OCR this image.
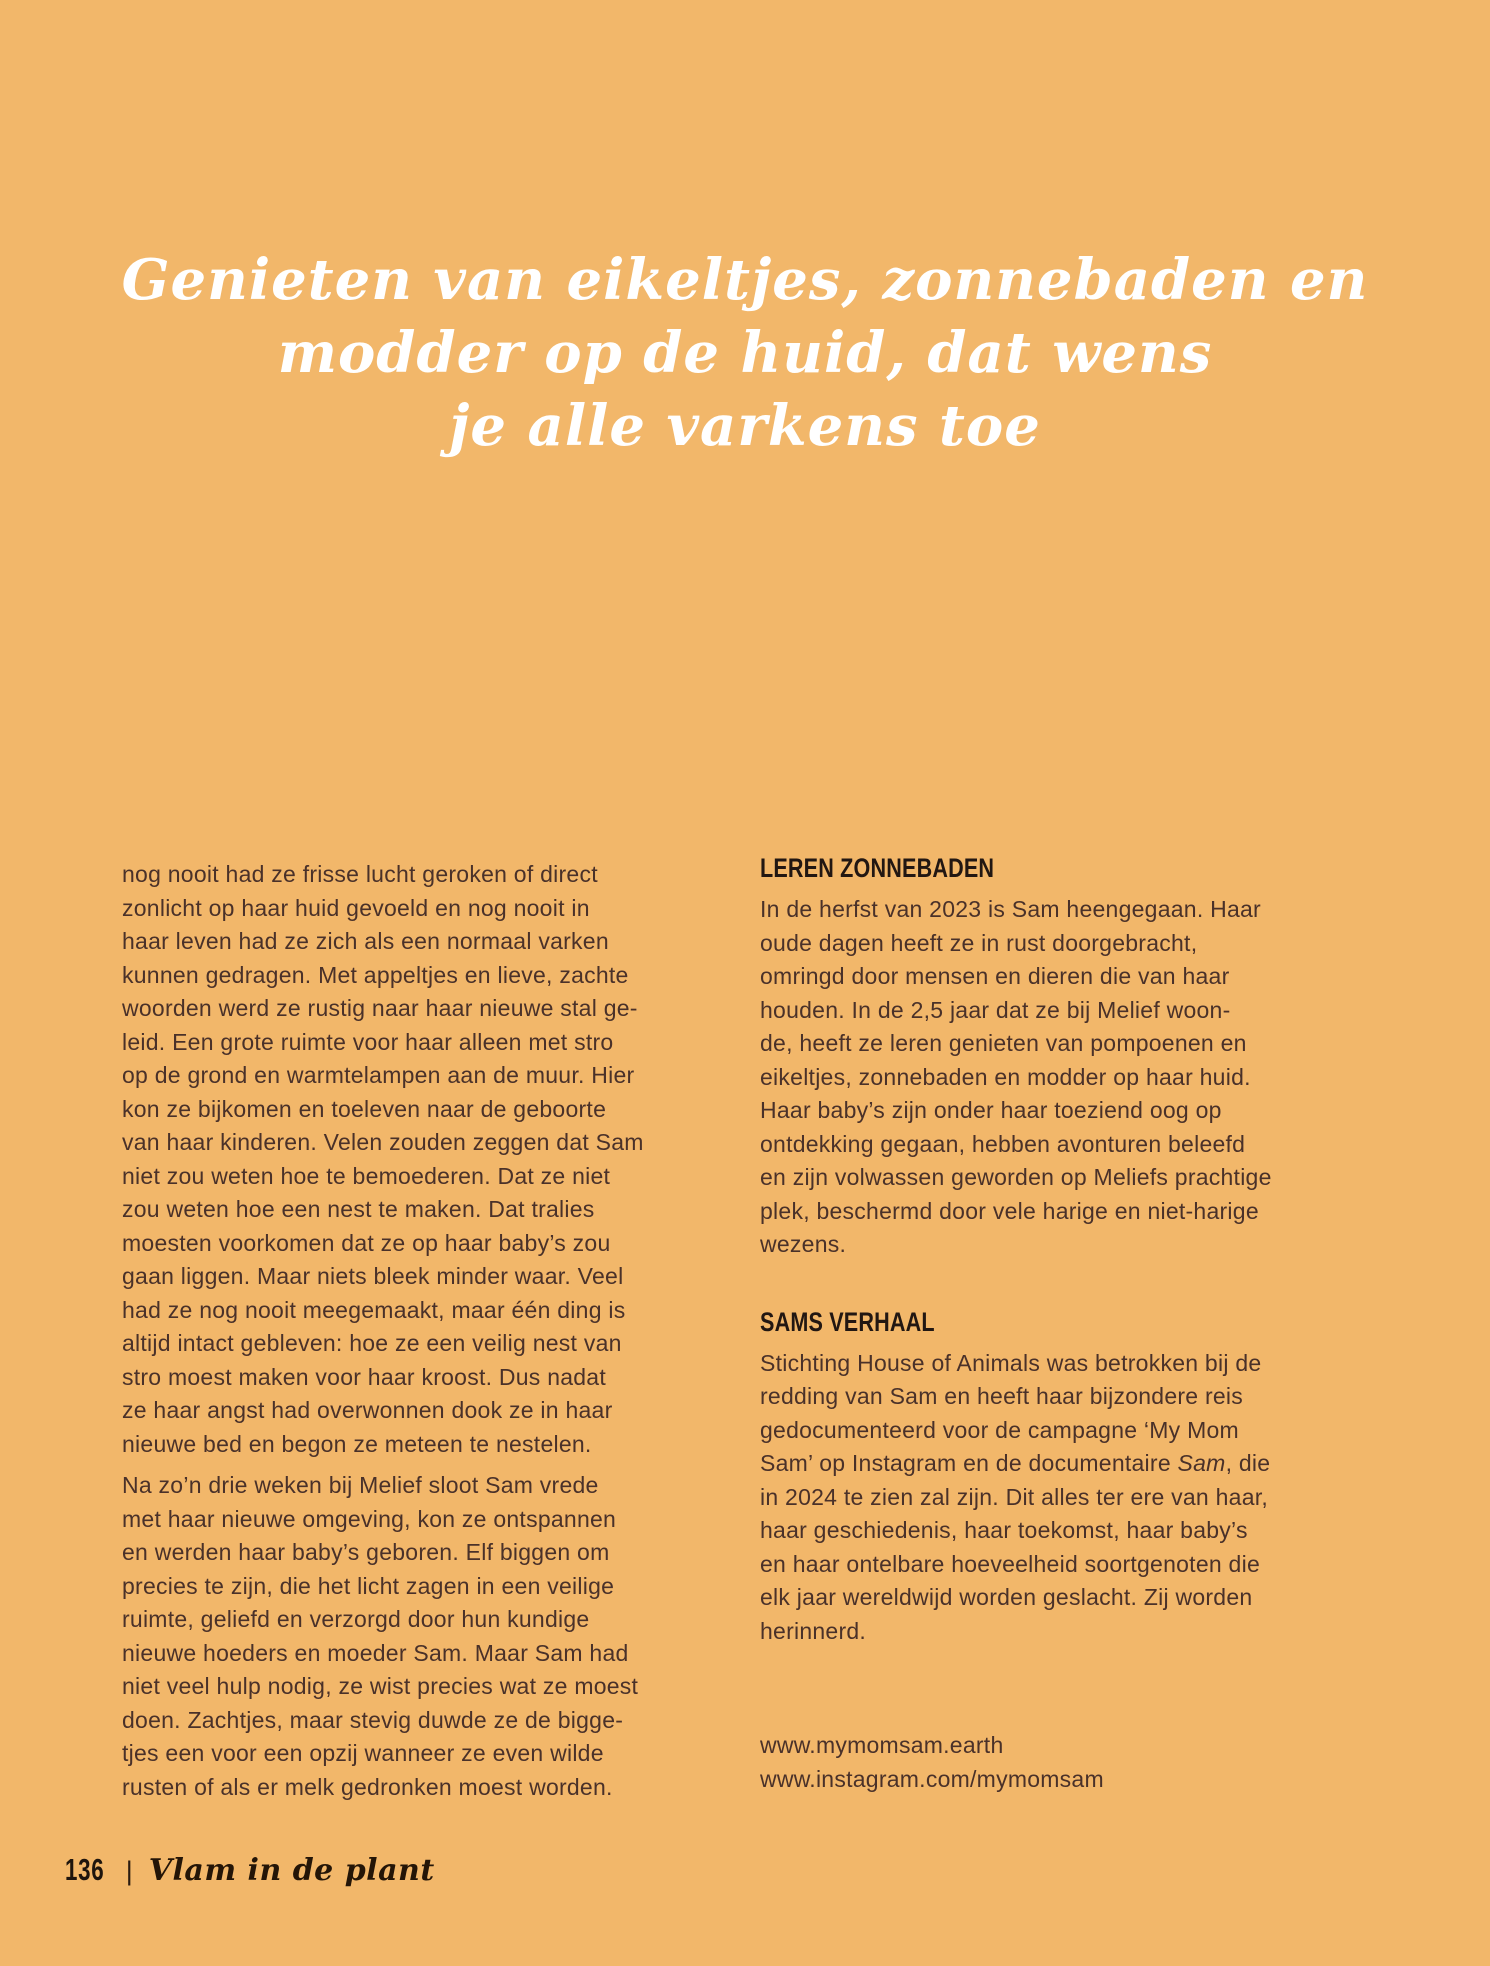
Genieten van eikeltjes, zonnebaden en
modder op de huid, dat wens
je alle varkens toe
nog nooit had ze frisse lucht geroken of direct
zonlicht op haar huid gevoeld en nog nooit in
haar leven had ze zich als een normaal varken
kunnen gedragen. Met appeltjes en lieve, zachte
woorden werd ze rustig naar haar nieuwe stal ge-
leid. Een grote ruimte voor haar alleen met stro
op de grond en warmtelampen aan de muur. Hier
kon ze bijkomen en toeleven naar de geboorte
van haar kinderen. Velen zouden zeggen dat Sam
niet zou weten hoe te bemoederen. Dat ze niet
zou weten hoe een nest te maken. Dat tralies
moesten voorkomen dat ze op haar baby’s zou
gaan liggen. Maar niets bleek minder waar. Veel
had ze nog nooit meegemaakt, maar één ding is
altijd intact gebleven: hoe ze een veilig nest van
stro moest maken voor haar kroost. Dus nadat
ze haar angst had overwonnen dook ze in haar
nieuwe bed en begon ze meteen te nestelen.
Na zo’n drie weken bij Melief sloot Sam vrede
met haar nieuwe omgeving, kon ze ontspannen
en werden haar baby’s geboren. Elf biggen om
precies te zijn, die het licht zagen in een veilige
ruimte, geliefd en verzorgd door hun kundige
nieuwe hoeders en moeder Sam. Maar Sam had
niet veel hulp nodig, ze wist precies wat ze moest
doen. Zachtjes, maar stevig duwde ze de bigge-
tjes een voor een opzij wanneer ze even wilde
rusten of als er melk gedronken moest worden.
LEREN ZONNEBADEN
In de herfst van 2023 is Sam heengegaan. Haar
oude dagen heeft ze in rust doorgebracht,
omringd door mensen en dieren die van haar
houden. In de 2,5 jaar dat ze bij Melief woon-
de, heeft ze leren genieten van pompoenen en
eikeltjes, zonnebaden en modder op haar huid.
Haar baby’s zijn onder haar toeziend oog op
ontdekking gegaan, hebben avonturen beleefd
en zijn volwassen geworden op Meliefs prachtige
plek, beschermd door vele harige en niet-harige
wezens.
SAMS VERHAAL
Stichting House of Animals was betrokken bij de
redding van Sam en heeft haar bijzondere reis
gedocumenteerd voor de campagne ‘My Mom
Sam’ op Instagram en de documentaire Sam, die
in 2024 te zien zal zijn. Dit alles ter ere van haar,
haar geschiedenis, haar toekomst, haar baby’s
en haar ontelbare hoeveelheid soortgenoten die
elk jaar wereldwijd worden geslacht. Zij worden
herinnerd.
www.mymomsam.earth
www.instagram.com/mymomsam
136 | Vlam in de plant
